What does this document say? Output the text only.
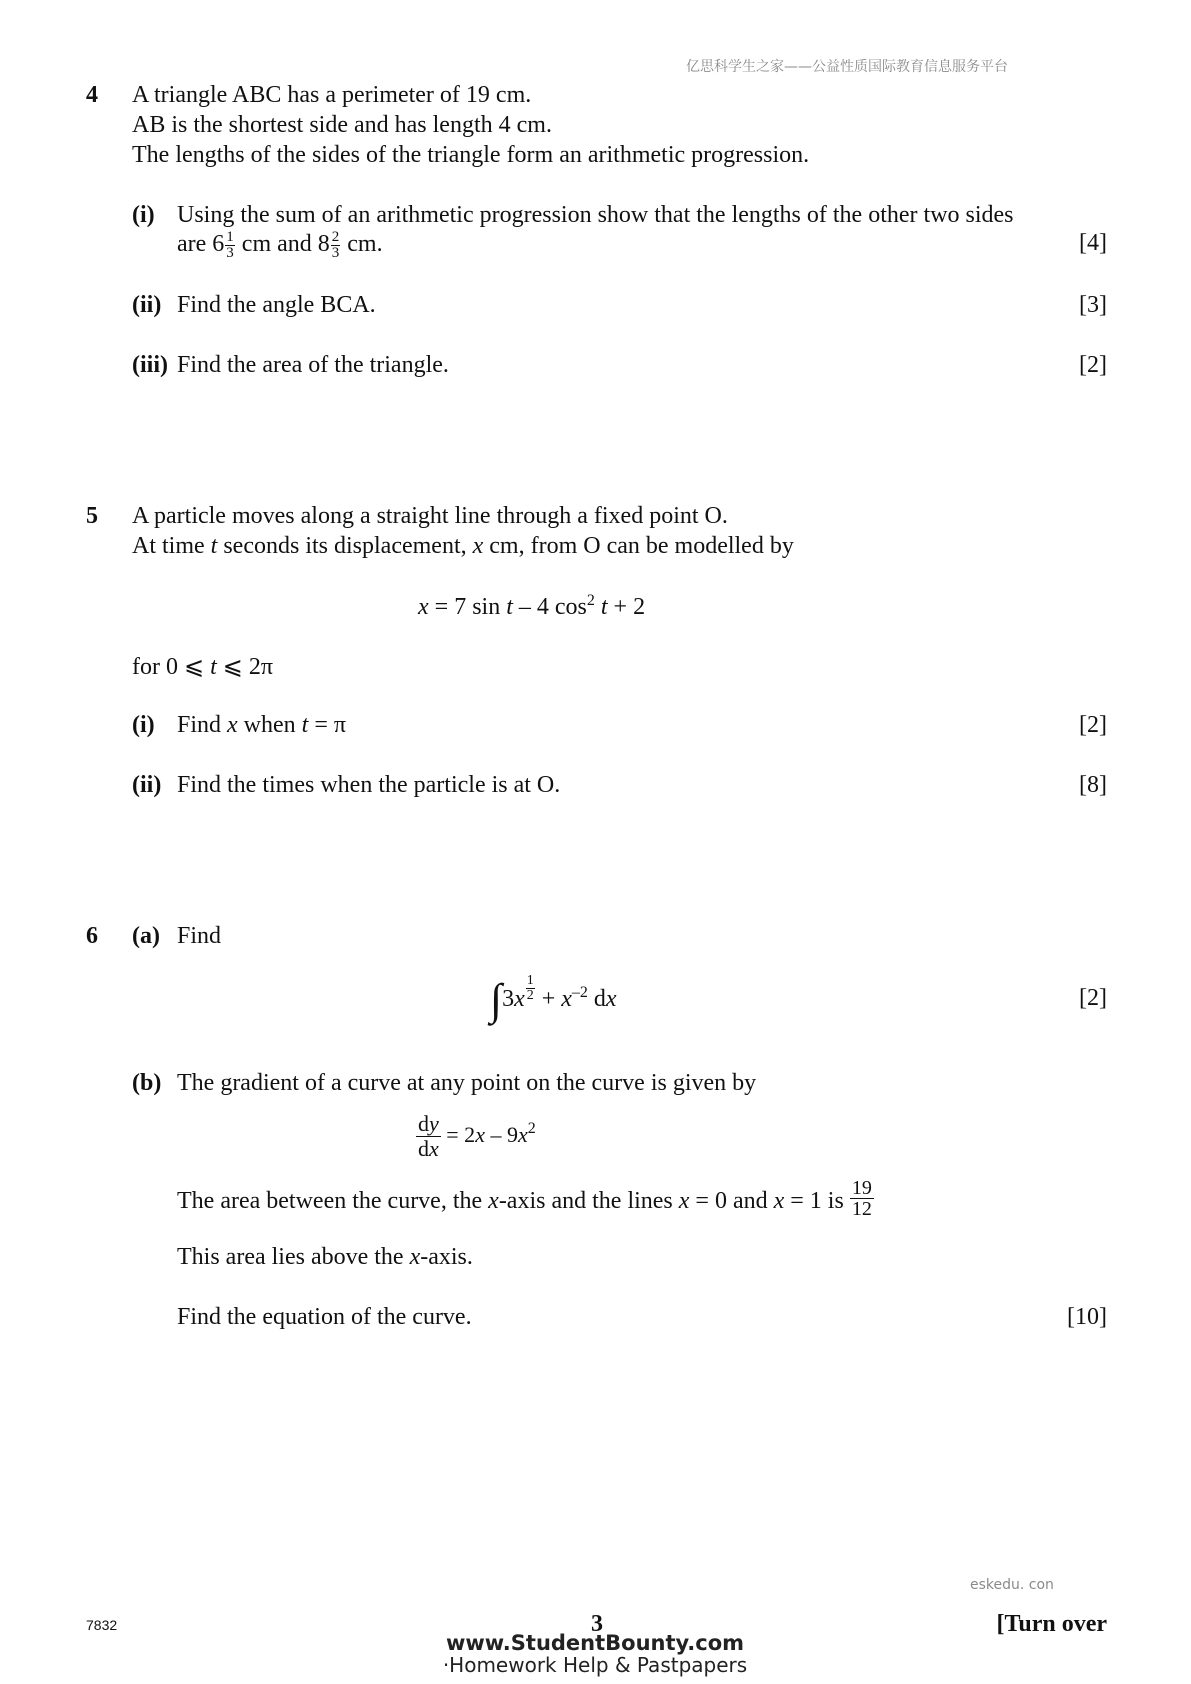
亿思科学生之家——公益性质国际教育信息服务平台
4 A triangle ABC has a perimeter of 19 cm.
AB is the shortest side and has length 4 cm.
The lengths of the sides of the triangle form an arithmetic progression.
(i) Using the sum of an arithmetic progression show that the lengths of the other two sides
are $6 \frac{1}{3}$ cm and $8 \frac{2}{3}$ cm.	[4]
(ii) Find the angle BCA.	[3]
(iii) Find the area of the triangle.	[2]
5 A particle moves along a straight line through a fixed point O.
At time t seconds its displacement, x cm, from O can be modelled by
x = 7 sin t – 4 $\cos^2 t + 2$
for 0 ⩽ t ⩽ 2π
(i) Find x when t = π	[2]
(ii) Find the times when the particle is at O.	[8]
6 (a) Find
$\int 3x \frac{1}{2} + x^{-2}$ dx	[2]
(b) The gradient of a curve at any point on the curve is given by
$\frac{dy}{dx} = 2x - 9x^2$
The area between the curve, the x-axis and the lines x = 0 and x = 1 is $\frac{19}{12}$
This area lies above the x-axis.
Find the equation of the curve.	[10]
eskedu. con
7832	3	[Turn over
www.StudentBounty.com
·Homework Help & Pastpapers
